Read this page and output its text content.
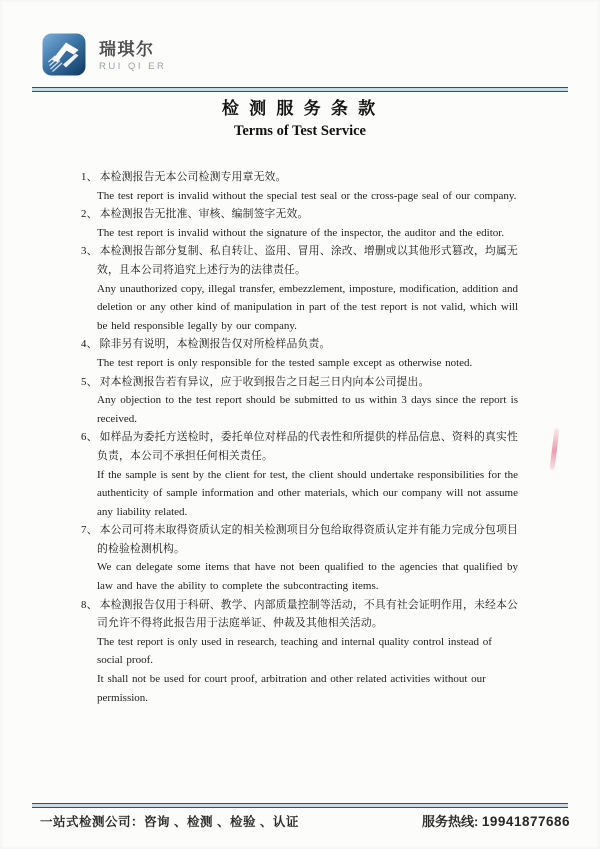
瑞琪尔
RUI QI ER
检 测 服 务 条 款
Terms of Test Service

1、 本检测报告无本公司检测专用章无效。

The test report is invalid without the special test seal or the cross-page seal of our company.

2、 本检测报告无批准、审核、编制签字无效。

The test report is invalid without the signature of the inspector, the auditor and the editor.

3、 本检测报告部分复制、私自转让、盗用、冒用、涂改、增删或以其他形式篡改，均属无效，且本公司将追究上述行为的法律责任。

Any unauthorized copy, illegal transfer, embezzlement, imposture, modification, addition and deletion or any other kind of manipulation in part of the test report is not valid, which will be held responsible legally by our company.

4、 除非另有说明，本检测报告仅对所检样品负责。

The test report is only responsible for the tested sample except as otherwise noted.

5、 对本检测报告若有异议，应于收到报告之日起三日内向本公司提出。

Any objection to the test report should be submitted to us within 3 days since the report is received.

6、 如样品为委托方送检时，委托单位对样品的代表性和所提供的样品信息、资料的真实性负责，本公司不承担任何相关责任。

If the sample is sent by the client for test, the client should undertake responsibilities for the authenticity of sample information and other materials, which our company will not assume any liability related.

7、 本公司可将未取得资质认定的相关检测项目分包给取得资质认定并有能力完成分包项目的检验检测机构。

We can delegate some items that have not been qualified to the agencies that qualified by law and have the ability to complete the subcontracting items.

8、 本检测报告仅用于科研、教学、内部质量控制等活动，不具有社会证明作用，未经本公司允许不得将此报告用于法庭举证、仲裁及其他相关活动。

The test report is only used in research, teaching and internal quality control instead of social proof.

It shall not be used for court proof, arbitration and other related activities without our permission.

一站式检测公司：咨询 、检测 、检验 、认证	服务热线: 19941877686
